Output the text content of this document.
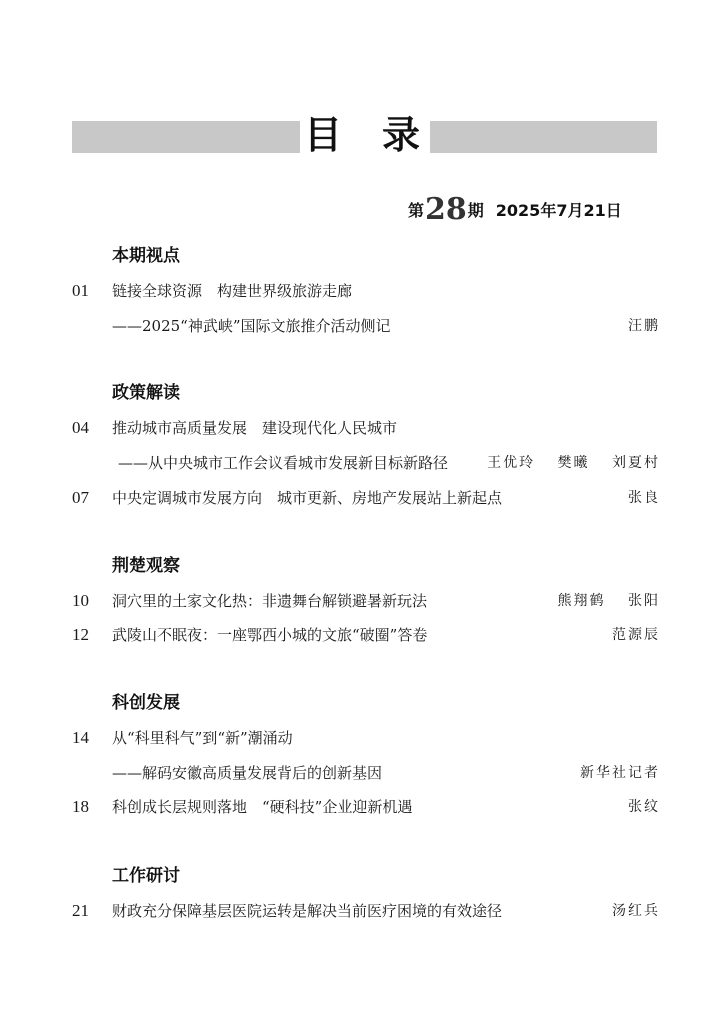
目 录
第28期 2025年7月21日
本期视点
01 链接全球资源　构建世界级旅游走廊
——2025“神武峡”国际文旅推介活动侧记	汪鹏
政策解读
04 推动城市高质量发展　建设现代化人民城市
——从中央城市工作会议看城市发展新目标新路径	王优玲 樊曦 刘夏村
07 中央定调城市发展方向　城市更新、房地产发展站上新起点	张良
荆楚观察
10 洞穴里的土家文化热：非遗舞台解锁避暑新玩法	熊翔鹤 张阳
12 武陵山不眠夜：一座鄂西小城的文旅“破圈”答卷	范源辰
科创发展
14 从“科里科气”到“新”潮涌动
——解码安徽高质量发展背后的创新基因	新华社记者
18 科创成长层规则落地　“硬科技”企业迎新机遇	张纹
工作研讨
21 财政充分保障基层医院运转是解决当前医疗困境的有效途径	汤红兵
